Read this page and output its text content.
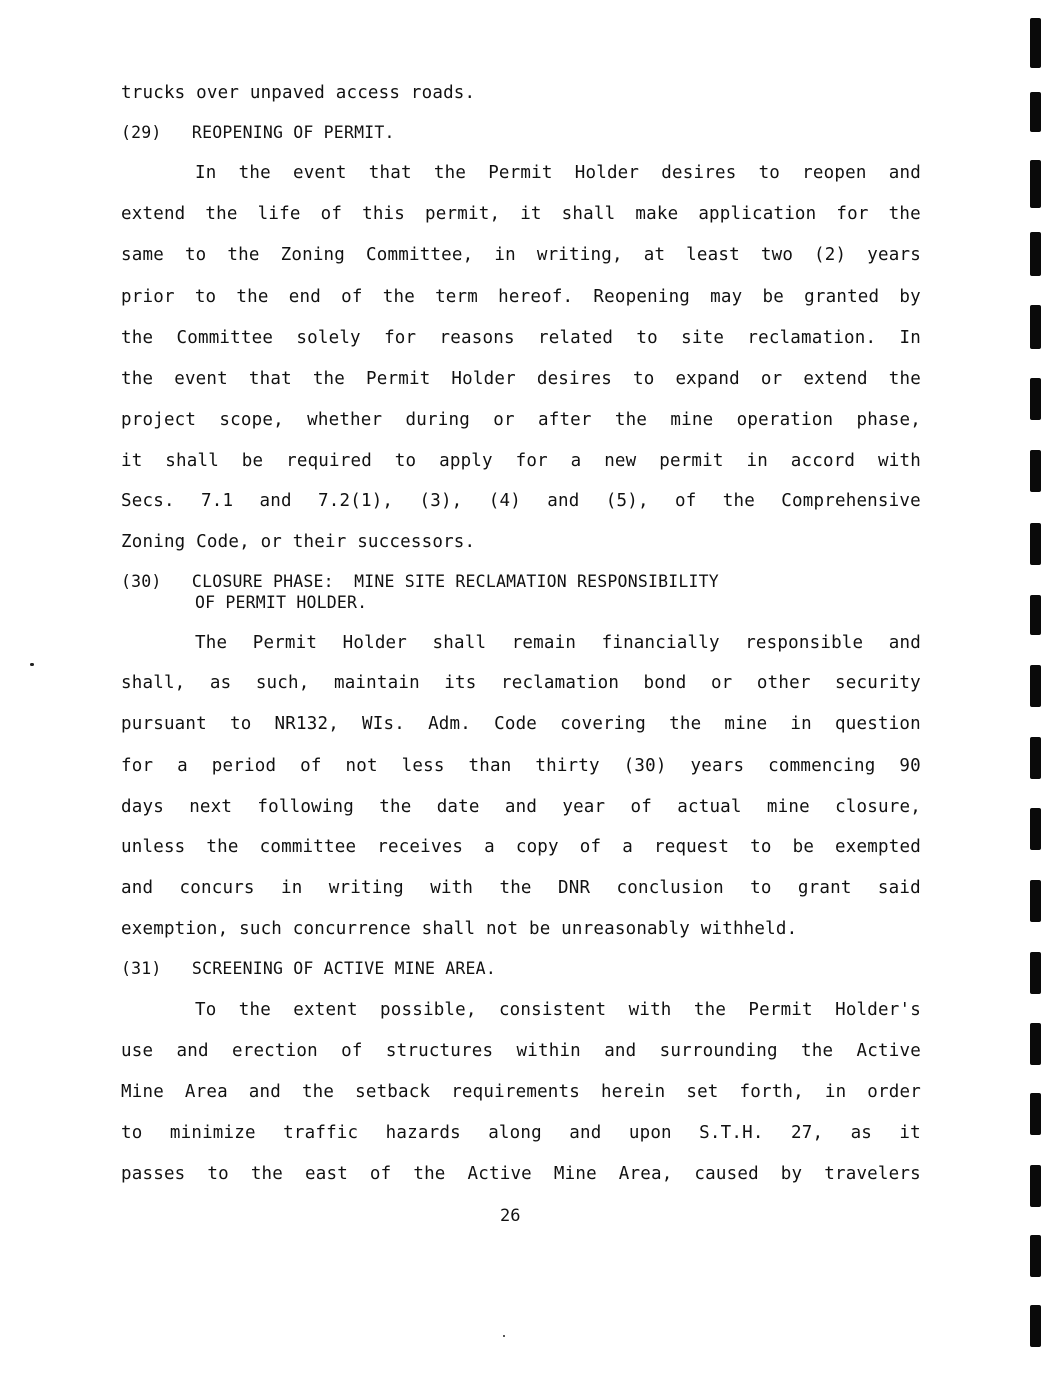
trucks over unpaved access roads.
(29)   REOPENING OF PERMIT.
In the event that the Permit Holder desires to reopen and
extend the life of this permit, it shall make application for the
same to the Zoning Committee, in writing, at least two (2) years
prior to the end of the term hereof. Reopening may be granted by
the Committee solely for reasons related to site reclamation. In
the event that the Permit Holder desires to expand or extend the
project scope, whether during or after the mine operation phase,
it shall be required to apply for a new permit in accord with
Secs. 7.1 and 7.2(1), (3), (4) and (5), of the Comprehensive
Zoning Code, or their successors.
(30)   CLOSURE PHASE:  MINE SITE RECLAMATION RESPONSIBILITY
OF PERMIT HOLDER.
The Permit Holder shall remain financially responsible and
shall, as such, maintain its reclamation bond or other security
pursuant to NR132, WIs. Adm. Code covering the mine in question
for a period of not less than thirty (30) years commencing 90
days next following the date and year of actual mine closure,
unless the committee receives a copy of a request to be exempted
and concurs in writing with the DNR conclusion to grant said
exemption, such concurrence shall not be unreasonably withheld.
(31)   SCREENING OF ACTIVE MINE AREA.
To the extent possible, consistent with the Permit Holder's
use and erection of structures within and surrounding the Active
Mine Area and the setback requirements herein set forth, in order
to minimize traffic hazards along and upon S.T.H. 27, as it
passes to the east of the Active Mine Area, caused by travelers
26
